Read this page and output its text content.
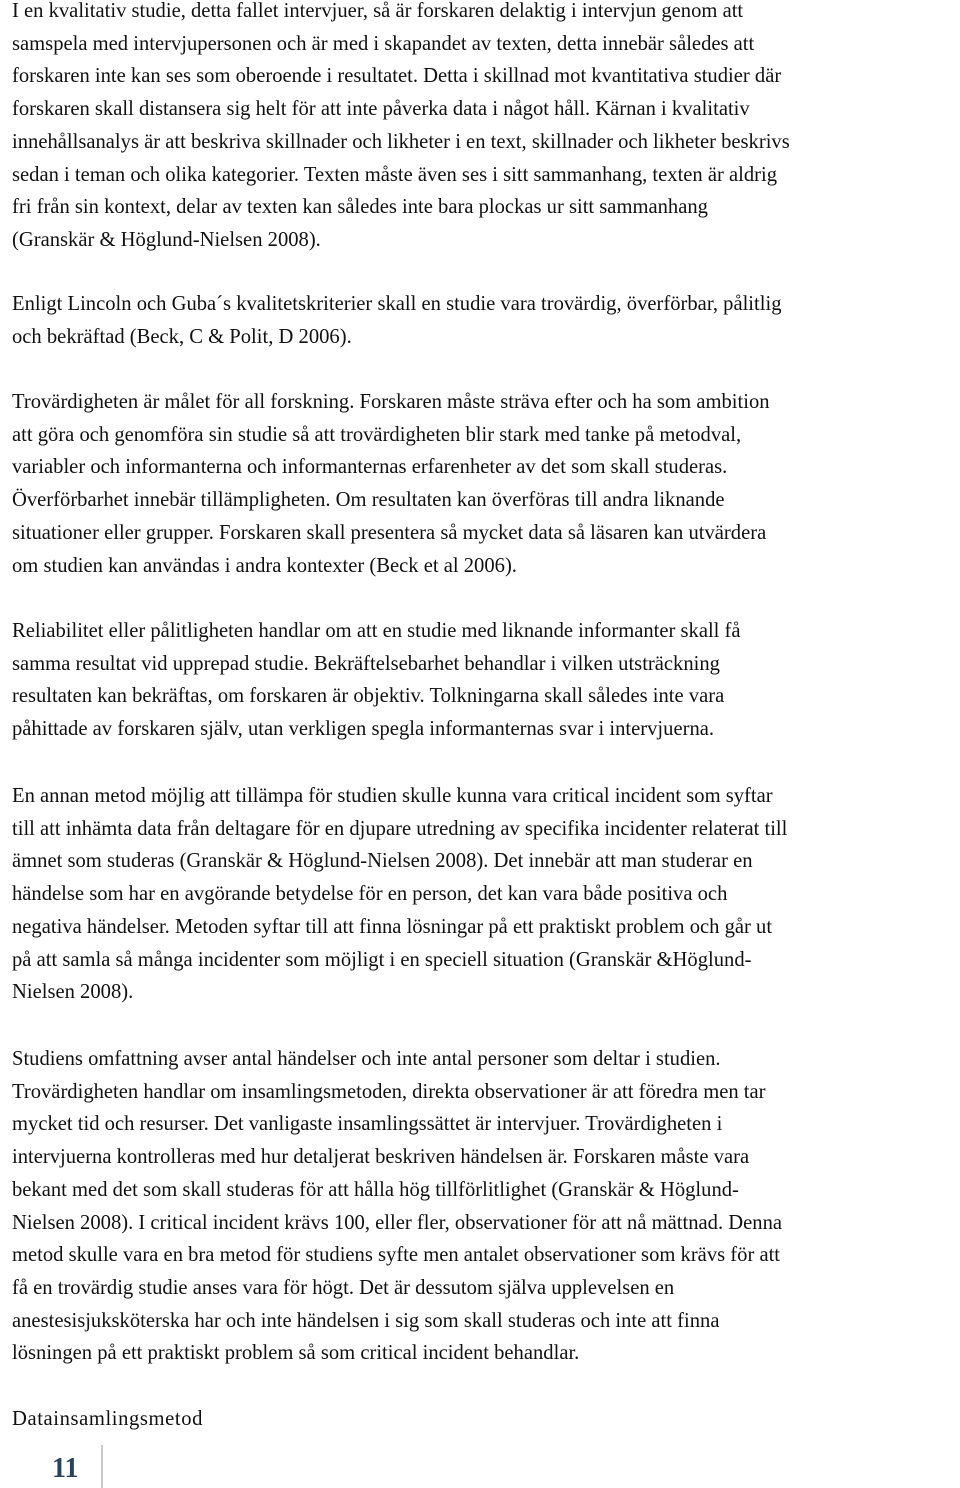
I en kvalitativ studie, detta fallet intervjuer, så är forskaren delaktig i intervjun genom att
samspela med intervjupersonen och är med i skapandet av texten, detta innebär således att
forskaren inte kan ses som oberoende i resultatet. Detta i skillnad mot kvantitativa studier där
forskaren skall distansera sig helt för att inte påverka data i något håll. Kärnan i kvalitativ
innehållsanalys är att beskriva skillnader och likheter i en text, skillnader och likheter beskrivs
sedan i teman och olika kategorier. Texten måste även ses i sitt sammanhang, texten är aldrig
fri från sin kontext, delar av texten kan således inte bara plockas ur sitt sammanhang
(Granskär & Höglund-Nielsen 2008).

Enligt Lincoln och Guba´s kvalitetskriterier skall en studie vara trovärdig, överförbar, pålitlig
och bekräftad (Beck, C & Polit, D 2006).

Trovärdigheten är målet för all forskning. Forskaren måste sträva efter och ha som ambition
att göra och genomföra sin studie så att trovärdigheten blir stark med tanke på metodval,
variabler och informanterna och informanternas erfarenheter av det som skall studeras.
Överförbarhet innebär tillämpligheten. Om resultaten kan överföras till andra liknande
situationer eller grupper. Forskaren skall presentera så mycket data så läsaren kan utvärdera
om studien kan användas i andra kontexter (Beck et al 2006).

Reliabilitet eller pålitligheten handlar om att en studie med liknande informanter skall få
samma resultat vid upprepad studie. Bekräftelsebarhet behandlar i vilken utsträckning
resultaten kan bekräftas, om forskaren är objektiv. Tolkningarna skall således inte vara
påhittade av forskaren själv, utan verkligen spegla informanternas svar i intervjuerna.

En annan metod möjlig att tillämpa för studien skulle kunna vara critical incident som syftar
till att inhämta data från deltagare för en djupare utredning av specifika incidenter relaterat till
ämnet som studeras (Granskär & Höglund-Nielsen 2008). Det innebär att man studerar en
händelse som har en avgörande betydelse för en person, det kan vara både positiva och
negativa händelser. Metoden syftar till att finna lösningar på ett praktiskt problem och går ut
på att samla så många incidenter som möjligt i en speciell situation (Granskär &Höglund-
Nielsen 2008).

Studiens omfattning avser antal händelser och inte antal personer som deltar i studien.
Trovärdigheten handlar om insamlingsmetoden, direkta observationer är att föredra men tar
mycket tid och resurser. Det vanligaste insamlingssättet är intervjuer. Trovärdigheten i
intervjuerna kontrolleras med hur detaljerat beskriven händelsen är. Forskaren måste vara
bekant med det som skall studeras för att hålla hög tillförlitlighet (Granskär & Höglund-
Nielsen 2008). I critical incident krävs 100, eller fler, observationer för att nå mättnad. Denna
metod skulle vara en bra metod för studiens syfte men antalet observationer som krävs för att
få en trovärdig studie anses vara för högt. Det är dessutom själva upplevelsen en
anestesisjuksköterska har och inte händelsen i sig som skall studeras och inte att finna
lösningen på ett praktiskt problem så som critical incident behandlar.

Datainsamlingsmetod
11
